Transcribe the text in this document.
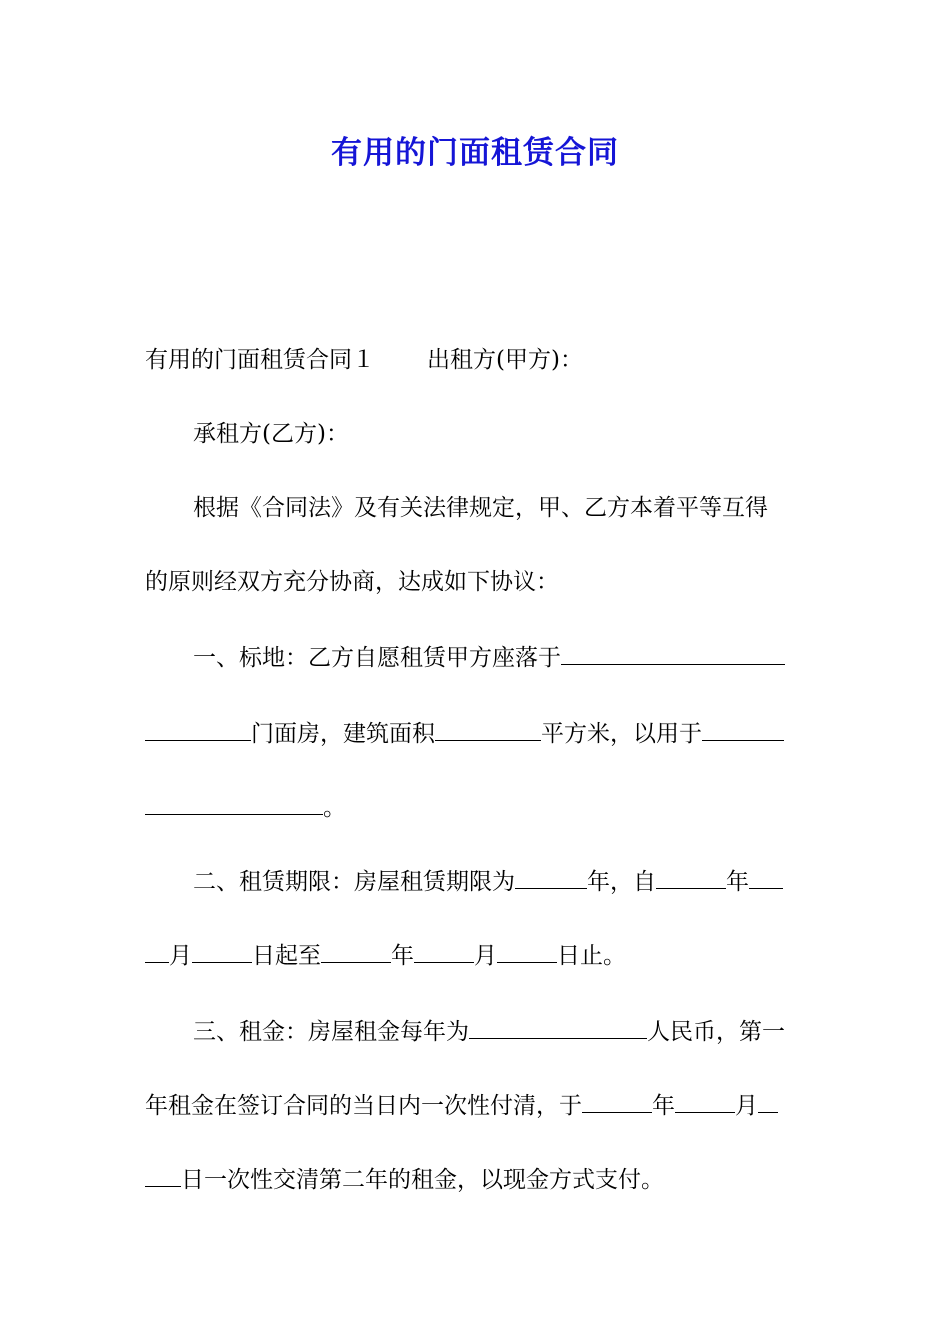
有用的门面租赁合同
有用的门面租赁合同１ 出租方(甲方)：
承租方(乙方)：
根据《合同法》及有关法律规定，甲、乙方本着平等互得
的原则经双方充分协商，达成如下协议：
一、标地：乙方自愿租赁甲方座落于
门面房，建筑面积	平方米，以用于
。
二、租赁期限：房屋租赁期限为	年，自	年
月	日起至	年	月	日止。
三、租金：房屋租金每年为	人民币，第一
年租金在签订合同的当日内一次性付清，于	年	月
日一次性交清第二年的租金，以现金方式支付。
